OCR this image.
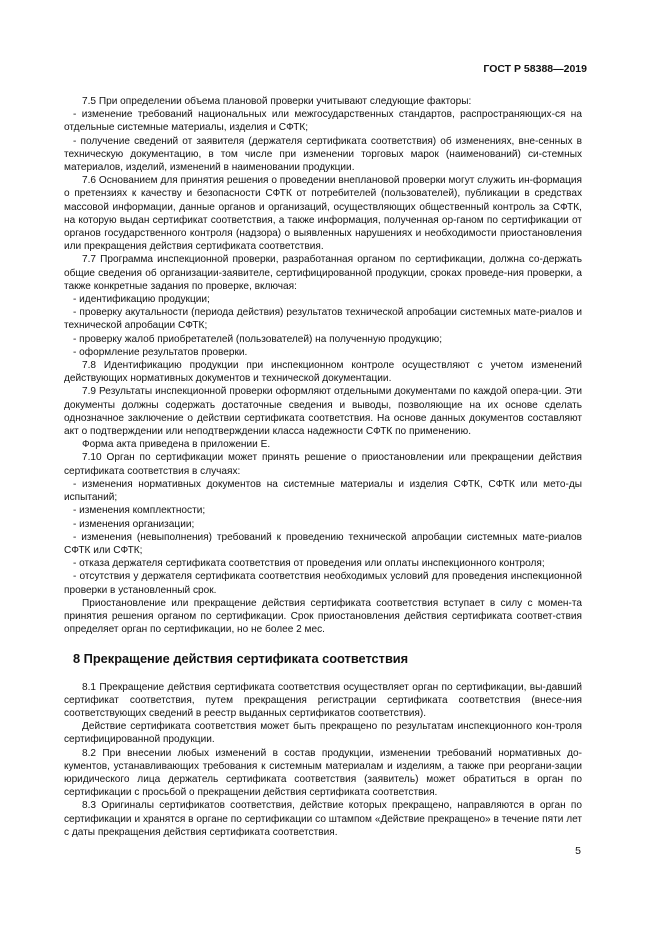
ГОСТ Р 58388—2019

7.5 При определении объема плановой проверки учитывают следующие факторы:

- изменение требований национальных или межгосударственных стандартов, распространяющих-ся на отдельные системные материалы, изделия и СФТК;

- получение сведений от заявителя (держателя сертификата соответствия) об изменениях, вне-сенных в техническую документацию, в том числе при изменении торговых марок (наименований) си-стемных материалов, изделий, изменений в наименовании продукции.

7.6 Основанием для принятия решения о проведении внеплановой проверки могут служить ин-формация о претензиях к качеству и безопасности СФТК от потребителей (пользователей), публикации в средствах массовой информации, данные органов и организаций, осуществляющих общественный контроль за СФТК, на которую выдан сертификат соответствия, а также информация, полученная ор-ганом по сертификации от органов государственного контроля (надзора) о выявленных нарушениях и необходимости приостановления или прекращения действия сертификата соответствия.

7.7 Программа инспекционной проверки, разработанная органом по сертификации, должна со-держать общие сведения об организации-заявителе, сертифицированной продукции, сроках проведе-ния проверки, а также конкретные задания по проверке, включая:

- идентификацию продукции;

- проверку акутальности (периода действия) результатов технической апробации системных мате-риалов и технической апробации СФТК;

- проверку жалоб приобретателей (пользователей) на полученную продукцию;

- оформление результатов проверки.

7.8 Идентификацию продукции при инспекционном контроле осуществляют с учетом изменений действующих нормативных документов и технической документации.

7.9 Результаты инспекционной проверки оформляют отдельными документами по каждой опера-ции. Эти документы должны содержать достаточные сведения и выводы, позволяющие на их основе сделать однозначное заключение о действии сертификата соответствия. На основе данных документов составляют акт о подтверждении или неподтверждении класса надежности СФТК по применению.

Форма акта приведена в приложении Е.

7.10 Орган по сертификации может принять решение о приостановлении или прекращении действия сертификата соответствия в случаях:

- изменения нормативных документов на системные материалы и изделия СФТК, СФТК или мето-ды испытаний;

- изменения комплектности;

- изменения организации;

- изменения (невыполнения) требований к проведению технической апробации системных мате-риалов СФТК или СФТК;

- отказа держателя сертификата соответствия от проведения или оплаты инспекционного контроля;

- отсутствия у держателя сертификата соответствия необходимых условий для проведения инспекционной проверки в установленный срок.

Приостановление или прекращение действия сертификата соответствия вступает в силу с момен-та принятия решения органом по сертификации. Срок приостановления действия сертификата соответ-ствия определяет орган по сертификации, но не более 2 мес.

8 Прекращение действия сертификата соответствия

8.1 Прекращение действия сертификата соответствия осуществляет орган по сертификации, вы-давший сертификат соответствия, путем прекращения регистрации сертификата соответствия (внесе-ния соответствующих сведений в реестр выданных сертификатов соответствия).

Действие сертификата соответствия может быть прекращено по результатам инспекционного кон-троля сертифицированной продукции.

8.2 При внесении любых изменений в состав продукции, изменении требований нормативных до-кументов, устанавливающих требования к системным материалам и изделиям, а также при реоргани-зации юридического лица держатель сертификата соответствия (заявитель) может обратиться в орган по сертификации с просьбой о прекращении действия сертификата соответствия.

8.3 Оригиналы сертификатов соответствия, действие которых прекращено, направляются в орган по сертификации и хранятся в органе по сертификации со штампом «Действие прекращено» в течение пяти лет с даты прекращения действия сертификата соответствия.

5
